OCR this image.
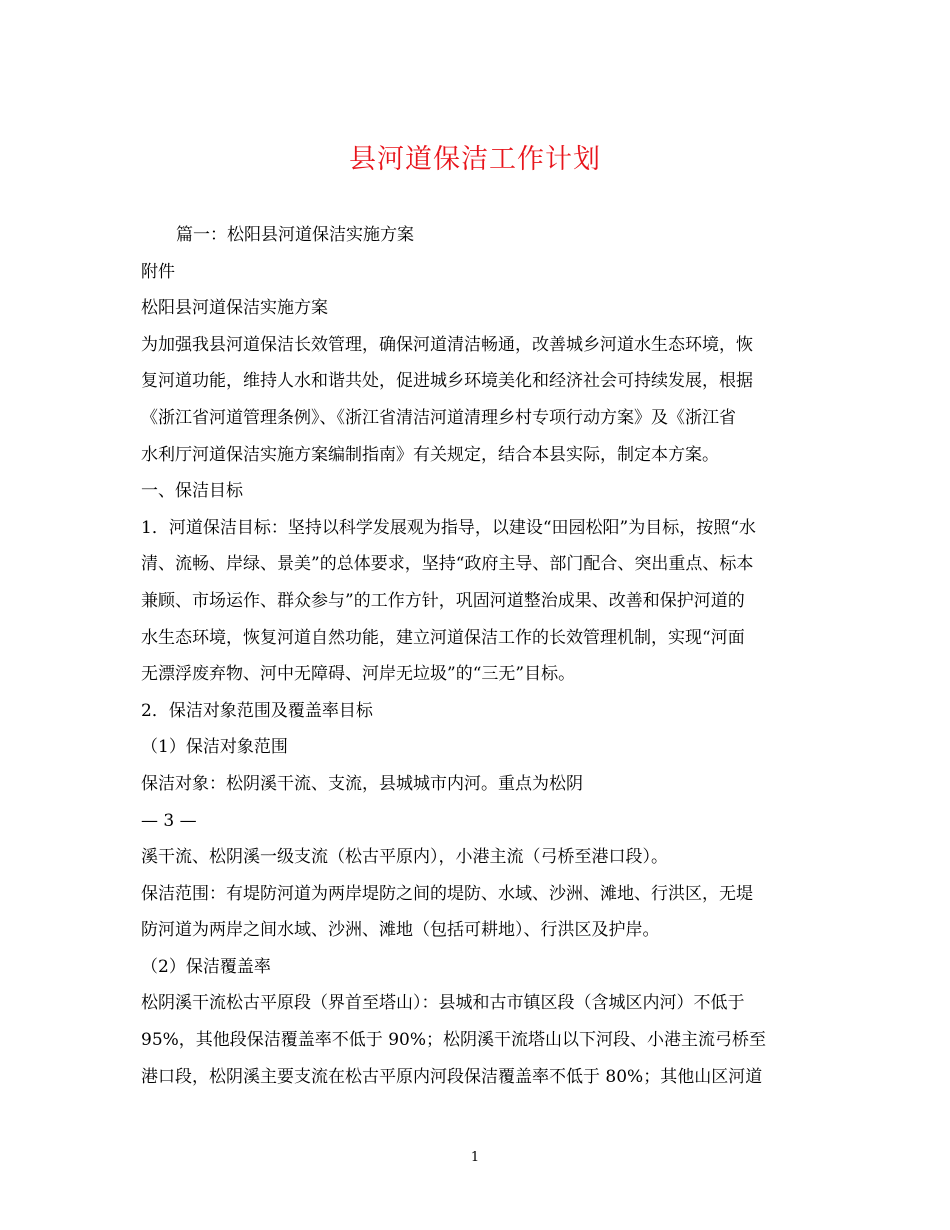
县河道保洁工作计划
篇一：松阳县河道保洁实施方案
附件
松阳县河道保洁实施方案
为加强我县河道保洁长效管理，确保河道清洁畅通，改善城乡河道水生态环境，恢
复河道功能，维持人水和谐共处，促进城乡环境美化和经济社会可持续发展，根据
《浙江省河道管理条例》、《浙江省清洁河道清理乡村专项行动方案》及《浙江省
水利厅河道保洁实施方案编制指南》有关规定，结合本县实际，制定本方案。
一、保洁目标
1．河道保洁目标：坚持以科学发展观为指导，以建设“田园松阳”为目标，按照“水
清、流畅、岸绿、景美”的总体要求，坚持“政府主导、部门配合、突出重点、标本
兼顾、市场运作、群众参与”的工作方针，巩固河道整治成果、改善和保护河道的
水生态环境，恢复河道自然功能，建立河道保洁工作的长效管理机制，实现“河面
无漂浮废弃物、河中无障碍、河岸无垃圾”的“三无”目标。
2．保洁对象范围及覆盖率目标
（1）保洁对象范围
保洁对象：松阴溪干流、支流，县城城市内河。重点为松阴
— 3 —
溪干流、松阴溪一级支流（松古平原内），小港主流（弓桥至港口段）。
保洁范围：有堤防河道为两岸堤防之间的堤防、水域、沙洲、滩地、行洪区，无堤
防河道为两岸之间水域、沙洲、滩地（包括可耕地）、行洪区及护岸。
（2）保洁覆盖率
松阴溪干流松古平原段（界首至塔山）：县城和古市镇区段（含城区内河）不低于
95%，其他段保洁覆盖率不低于 90%；松阴溪干流塔山以下河段、小港主流弓桥至
港口段，松阴溪主要支流在松古平原内河段保洁覆盖率不低于 80%；其他山区河道
1
